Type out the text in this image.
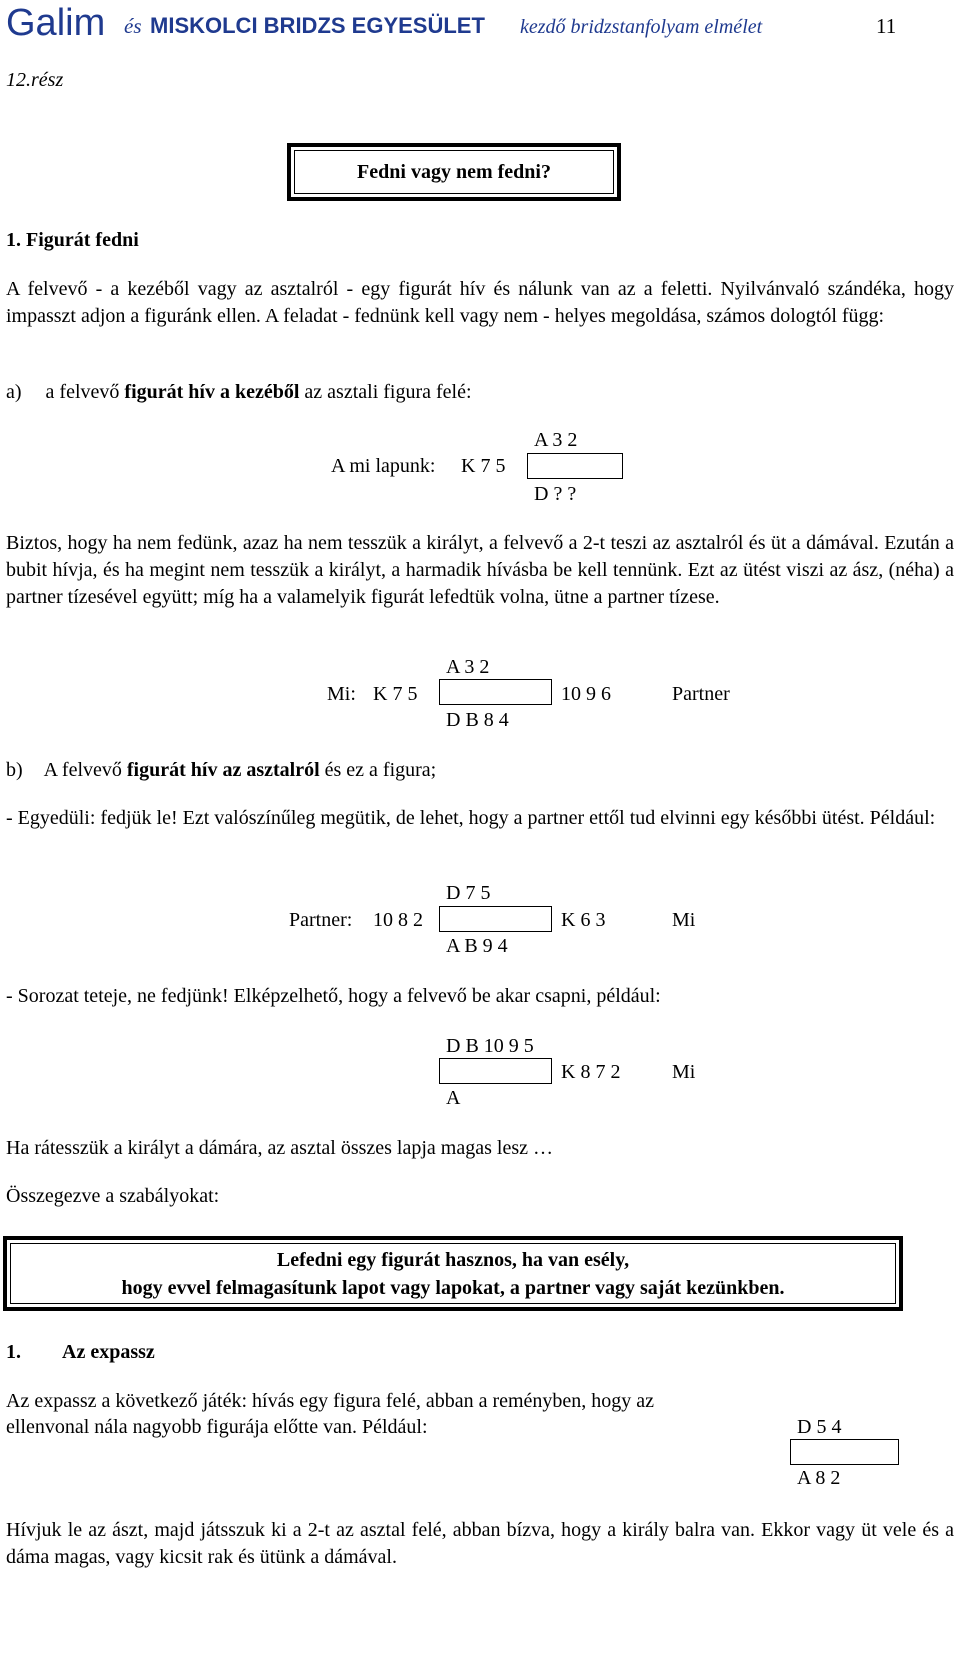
Galim és MISKOLCI BRIDZS EGYESÜLET kezdő bridzstanfolyam elmélet	11
12.rész
Fedni vagy nem fedni?
1. Figurát fedni
A felvevő - a kezéből vagy az asztalról - egy figurát hív és nálunk van az a feletti. Nyilvánvaló szándéka, hogy impasszt adjon a figuránk ellen. A feladat - fednünk kell vagy nem - helyes megoldása, számos dologtól függ:
a) a felvevő figurát hív a kezéből az asztali figura felé:
A 3 2
A mi lapunk: K 7 5
D ? ?
Biztos, hogy ha nem fedünk, azaz ha nem tesszük a királyt, a felvevő a 2-t teszi az asztalról és üt a dámával. Ezután a bubit hívja, és ha megint nem tesszük a királyt, a harmadik hívásba be kell tennünk. Ezt az ütést viszi az ász, (néha) a partner tízesével együtt; míg ha a valamelyik figurát lefedtük volna, ütne a partner tízese.
A 3 2
Mi: K 7 5	10 9 6	Partner
D B 8 4
b) A felvevő figurát hív az asztalról és ez a figura;
- Egyedüli: fedjük le! Ezt valószínűleg megütik, de lehet, hogy a partner ettől tud elvinni egy későbbi ütést. Például:
D 7 5
Partner: 10 8 2	K 6 3	Mi
A B 9 4
- Sorozat teteje, ne fedjünk! Elképzelhető, hogy a felvevő be akar csapni, például:
D B 10 9 5
K 8 7 2	Mi
A
Ha rátesszük a királyt a dámára, az asztal összes lapja magas lesz …
Összegezve a szabályokat:
Lefedni egy figurát hasznos, ha van esély,
hogy evvel felmagasítunk lapot vagy lapokat, a partner vagy saját kezünkben.
1. Az expassz
Az expassz a következő játék: hívás egy figura felé, abban a reményben, hogy az
ellenvonal nála nagyobb figurája előtte van. Például:	D 5 4
A 8 2
Hívjuk le az ászt, majd játsszuk ki a 2-t az asztal felé, abban bízva, hogy a király balra van. Ekkor vagy üt vele és a dáma magas, vagy kicsit rak és ütünk a dámával.
